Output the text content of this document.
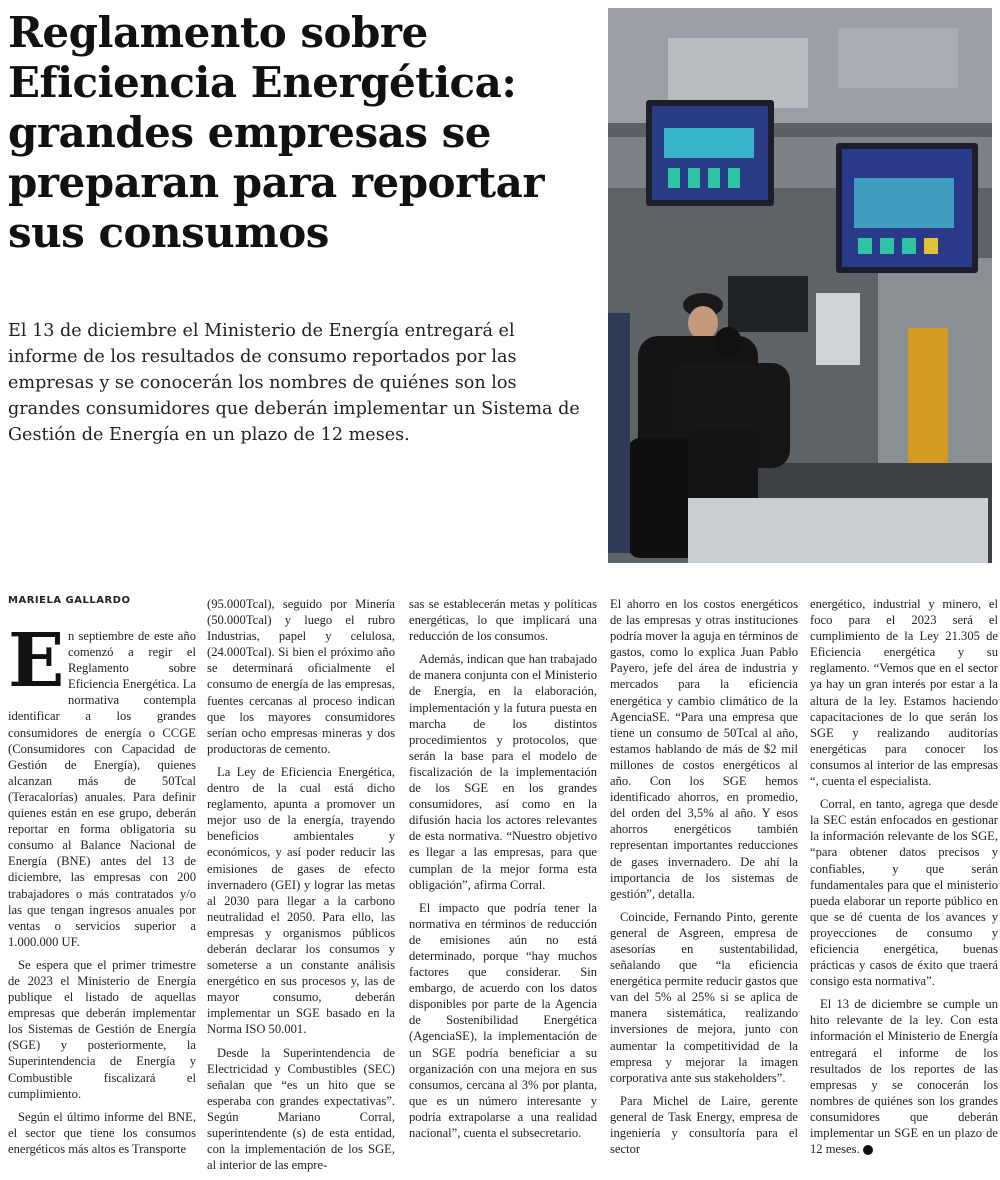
Reglamento sobre Eficiencia Energética: grandes empresas se preparan para reportar sus consumos

El 13 de diciembre el Ministerio de Energía entregará el informe de los resultados de consumo reportados por las empresas y se conocerán los nombres de quiénes son los grandes consumidores que deberán implementar un Sistema de Gestión de Energía en un plazo de 12 meses.

MARIELA GALLARDO

En septiembre de este año comenzó a regir el Reglamento sobre Eficiencia Energética. La normativa contempla identificar a los grandes consumidores de energía o CCGE (Consumidores con Capacidad de Gestión de Energía), quienes alcanzan más de 50Tcal (Teracalorías) anuales. Para definir quienes están en ese grupo, deberán reportar en forma obligatoria su consumo al Balance Nacional de Energía (BNE) antes del 13 de diciembre, las empresas con 200 trabajadores o más contratados y/o las que tengan ingresos anuales por ventas o servicios superior a 1.000.000 UF.

Se espera que el primer trimestre de 2023 el Ministerio de Energía publique el listado de aquellas empresas que deberán implementar los Sistemas de Gestión de Energía (SGE) y posteriormente, la Superintendencia de Energía y Combustible fiscalizará el cumplimiento.

Según el último informe del BNE, el sector que tiene los consumos energéticos más altos es Transporte

(95.000Tcal), seguido por Minería (50.000Tcal) y luego el rubro Industrias, papel y celulosa, (24.000Tcal). Si bien el próximo año se determinará oficialmente el consumo de energía de las empresas, fuentes cercanas al proceso indican que los mayores consumidores serían ocho empresas mineras y dos productoras de cemento.

La Ley de Eficiencia Energética, dentro de la cual está dicho reglamento, apunta a promover un mejor uso de la energía, trayendo beneficios ambientales y económicos, y así poder reducir las emisiones de gases de efecto invernadero (GEI) y lograr las metas al 2030 para llegar a la carbono neutralidad el 2050. Para ello, las empresas y organismos públicos deberán declarar los consumos y someterse a un constante análisis energético en sus procesos y, las de mayor consumo, deberán implementar un SGE basado en la Norma ISO 50.001.

Desde la Superintendencia de Electricidad y Combustibles (SEC) señalan que “es un hito que se esperaba con grandes expectativas”. Según Mariano Corral, superintendente (s) de esta entidad, con la implementación de los SGE, al interior de las empre-

sas se establecerán metas y políticas energéticas, lo que implicará una reducción de los consumos.

Además, indican que han trabajado de manera conjunta con el Ministerio de Energía, en la elaboración, implementación y la futura puesta en marcha de los distintos procedimientos y protocolos, que serán la base para el modelo de fiscalización de la implementación de los SGE en los grandes consumidores, así como en la difusión hacia los actores relevantes de esta normativa. “Nuestro objetivo es llegar a las empresas, para que cumplan de la mejor forma esta obligación”, afirma Corral.

El impacto que podría tener la normativa en términos de reducción de emisiones aún no está determinado, porque “hay muchos factores que considerar. Sin embargo, de acuerdo con los datos disponibles por parte de la Agencia de Sostenibilidad Energética (AgenciaSE), la implementación de un SGE podría beneficiar a su organización con una mejora en sus consumos, cercana al 3% por planta, que es un número interesante y podría extrapolarse a una realidad nacional”, cuenta el subsecretario.

El ahorro en los costos energéticos de las empresas y otras instituciones podría mover la aguja en términos de gastos, como lo explica Juan Pablo Payero, jefe del área de industria y mercados para la eficiencia energética y cambio climático de la AgenciaSE. “Para una empresa que tiene un consumo de 50Tcal al año, estamos hablando de más de $2 mil millones de costos energéticos al año. Con los SGE hemos identificado ahorros, en promedio, del orden del 3,5% al año. Y esos ahorros energéticos también representan importantes reducciones de gases invernadero. De ahí la importancia de los sistemas de gestión”, detalla.

Coincide, Fernando Pinto, gerente general de Asgreen, empresa de asesorías en sustentabilidad, señalando que “la eficiencia energética permite reducir gastos que van del 5% al 25% si se aplica de manera sistemática, realizando inversiones de mejora, junto con aumentar la competitividad de la empresa y mejorar la imagen corporativa ante sus stakeholders”.

Para Michel de Laire, gerente general de Task Energy, empresa de ingeniería y consultoría para el sector

energético, industrial y minero, el foco para el 2023 será el cumplimiento de la Ley 21.305 de Eficiencia energética y su reglamento. “Vemos que en el sector ya hay un gran interés por estar a la altura de la ley. Estamos haciendo capacitaciones de lo que serán los SGE y realizando auditorías energéticas para conocer los consumos al interior de las empresas “, cuenta el especialista.

Corral, en tanto, agrega que desde la SEC están enfocados en gestionar la información relevante de los SGE, “para obtener datos precisos y confiables, y que serán fundamentales para que el ministerio pueda elaborar un reporte público en que se dé cuenta de los avances y proyecciones de consumo y eficiencia energética, buenas prácticas y casos de éxito que traerá consigo esta normativa”.

El 13 de diciembre se cumple un hito relevante de la ley. Con esta información el Ministerio de Energía entregará el informe de los resultados de los reportes de las empresas y se conocerán los nombres de quiénes son los grandes consumidores que deberán implementar un SGE en un plazo de 12 meses. P
